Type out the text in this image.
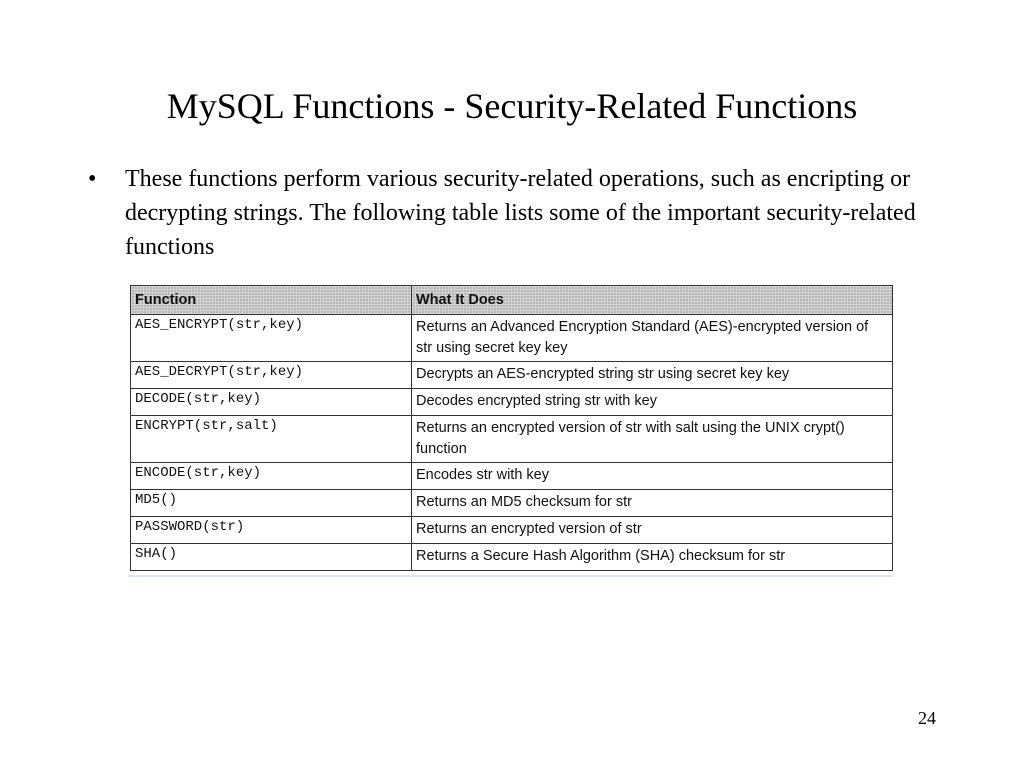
MySQL Functions - Security-Related Functions
• These functions perform various security-related operations, such as encripting or decrypting strings. The following table lists some of the important security-related functions
Function	What It Does
AES_ENCRYPT(str,key)	Returns an Advanced Encryption Standard (AES)-encrypted version of str using secret key key
AES_DECRYPT(str,key)	Decrypts an AES-encrypted string str using secret key key
DECODE(str,key)	Decodes encrypted string str with key
ENCRYPT(str,salt)	Returns an encrypted version of str with salt using the UNIX crypt() function
ENCODE(str,key)	Encodes str with key
MD5()	Returns an MD5 checksum for str
PASSWORD(str)	Returns an encrypted version of str
SHA()	Returns a Secure Hash Algorithm (SHA) checksum for str
24
